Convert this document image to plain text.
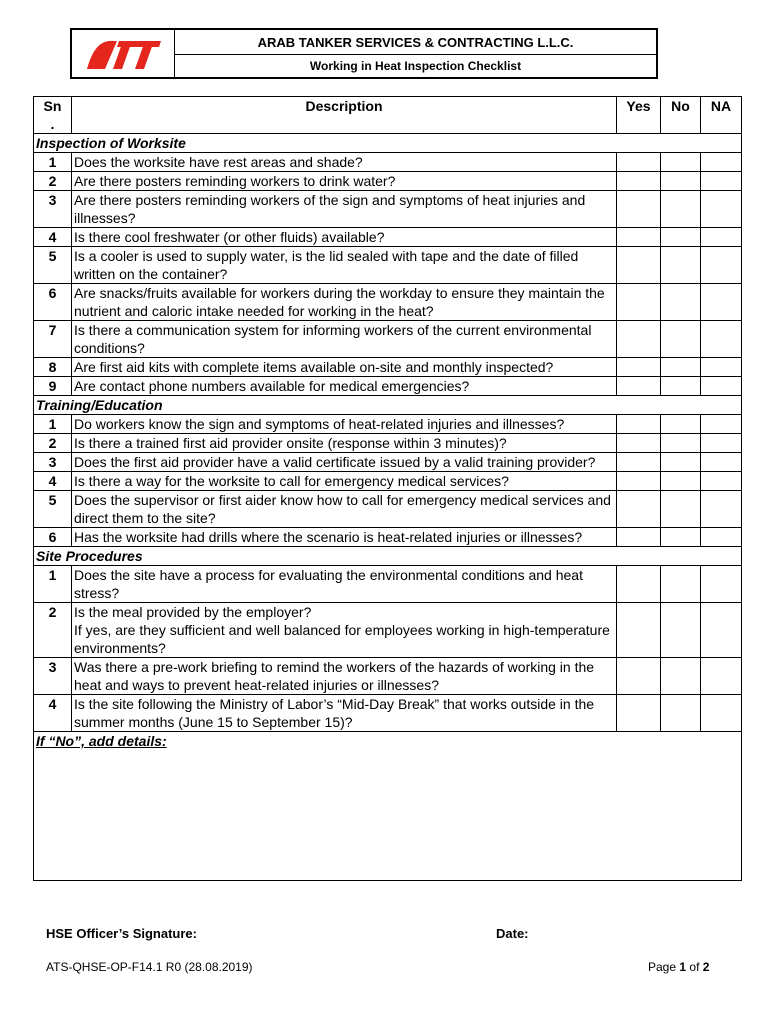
ARAB TANKER SERVICES & CONTRACTING L.L.C.
Working in Heat Inspection Checklist
Sn
.	Description	Yes	No	NA
Inspection of Worksite				
1	Does the worksite have rest areas and shade?			
2	Are there posters reminding workers to drink water?			
3	Are there posters reminding workers of the sign and symptoms of heat injuries and illnesses?			
4	Is there cool freshwater (or other fluids) available?			
5	Is a cooler is used to supply water, is the lid sealed with tape and the date of filled written on the container?			
6	Are snacks/fruits available for workers during the workday to ensure they maintain the nutrient and caloric intake needed for working in the heat?			
7	Is there a communication system for informing workers of the current environmental conditions?			
8	Are first aid kits with complete items available on-site and monthly inspected?			
9	Are contact phone numbers available for medical emergencies?			
Training/Education				
1	Do workers know the sign and symptoms of heat-related injuries and illnesses?			
2	Is there a trained first aid provider onsite (response within 3 minutes)?			
3	Does the first aid provider have a valid certificate issued by a valid training provider?			
4	Is there a way for the worksite to call for emergency medical services?			
5	Does the supervisor or first aider know how to call for emergency medical services and direct them to the site?			
6	Has the worksite had drills where the scenario is heat-related injuries or illnesses?			
Site Procedures				
1	Does the site have a process for evaluating the environmental conditions and heat stress?			
2	Is the meal provided by the employer?
If yes, are they sufficient and well balanced for employees working in high-temperature environments?			
3	Was there a pre-work briefing to remind the workers of the hazards of working in the heat and ways to prevent heat-related injuries or illnesses?			
4	Is the site following the Ministry of Labor’s “Mid-Day Break” that works outside in the summer months (June 15 to September 15)?			
If “No”, add details:				
HSE Officer’s Signature:	Date:
ATS-QHSE-OP-F14.1 R0 (28.08.2019)	Page 1 of 2
